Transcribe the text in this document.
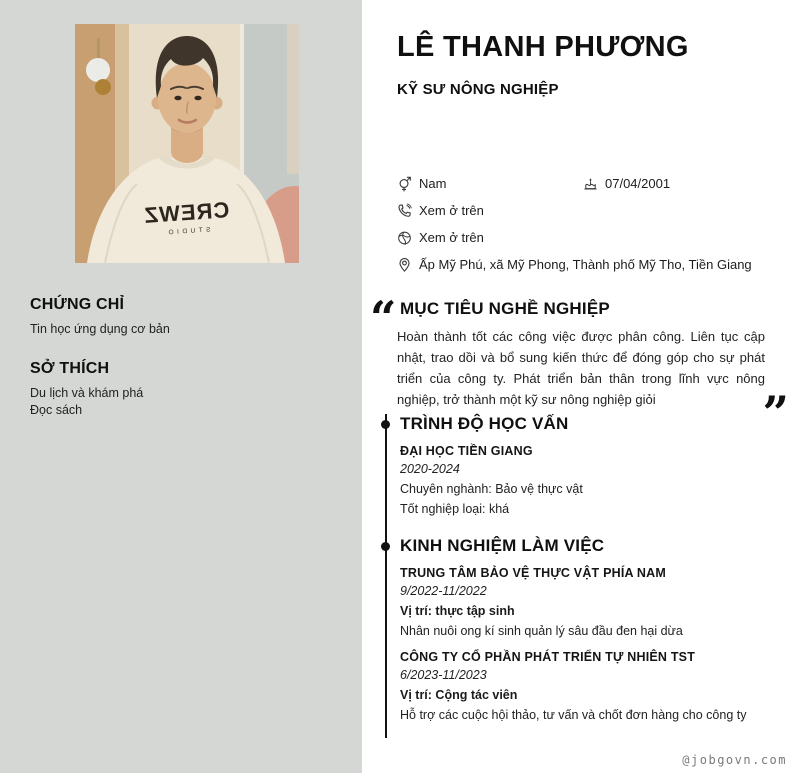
CREWZ
STUDIO
CHỨNG CHỈ
Tin học ứng dụng cơ bản
SỞ THÍCH
Du lịch và khám phá
Đọc sách
LÊ THANH PHƯƠNG
KỸ SƯ NÔNG NGHIỆP
Nam	07/04/2001
Xem ở trên
Xem ở trên
Ấp Mỹ Phú, xã Mỹ Phong, Thành phố Mỹ Tho, Tiền Giang
“
MỤC TIÊU NGHỀ NGHIỆP

Hoàn thành tốt các công việc được phân công. Liên tục cập nhật, trao dồi và bổ sung kiến thức để đóng góp cho sự phát triển của công ty. Phát triển bản thân trong lĩnh vực nông nghiệp, trở thành một kỹ sư nông nghiệp giỏi

”
TRÌNH ĐỘ HỌC VẤN
ĐẠI HỌC TIỀN GIANG
2020-2024
Chuyên nghành: Bảo vệ thực vật
Tốt nghiệp loại: khá
KINH NGHIỆM LÀM VIỆC
TRUNG TÂM BẢO VỆ THỰC VẬT PHÍA NAM
9/2022-11/2022
Vị trí: thực tập sinh
Nhân nuôi ong kí sinh quản lý sâu đầu đen hại dừa
CÔNG TY CỔ PHẦN PHÁT TRIỂN TỰ NHIÊN TST
6/2023-11/2023
Vị trí: Cộng tác viên
Hỗ trợ các cuộc hội thảo, tư vấn và chốt đơn hàng cho công ty
@jobgovn.com
